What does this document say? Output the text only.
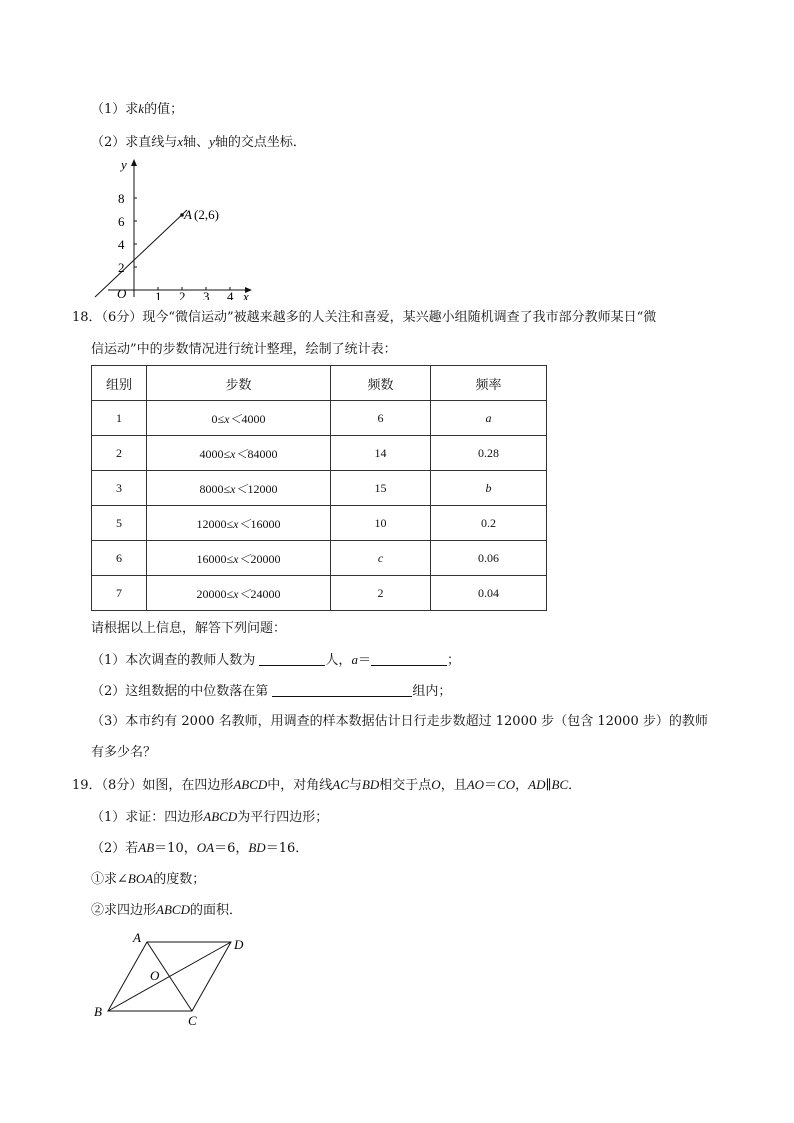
（1）求k的值；
（2）求直线与x轴、y轴的交点坐标．
y
x
O
2
4
6
8
1 2 3 4
A (2,6)
18．（6分）现今“微信运动”被越来越多的人关注和喜爱，某兴趣小组随机调查了我市部分教师某日“微
信运动”中的步数情况进行统计整理，绘制了统计表：
组别	步数	频数	频率
1	0≤x＜4000	6	a
2	4000≤x＜84000	14	0.28
3	8000≤x＜12000	15	b
5	12000≤x＜16000	10	0.2
6	16000≤x＜20000	c	0.06
7	20000≤x＜24000	2	0.04
请根据以上信息，解答下列问题：
（1）本次调查的教师人数为	人，a＝	；
（2）这组数据的中位数落在第	组内；
（3）本市约有 2000 名教师，用调查的样本数据估计日行走步数超过 12000 步（包含 12000 步）的教师
有多少名？
19．（8分）如图，在四边形ABCD中，对角线AC与BD相交于点O，且AO＝CO，AD∥BC．
（1）求证：四边形ABCD为平行四边形；
（2）若AB＝10，OA＝6，BD＝16．
①求∠BOA的度数；
②求四边形ABCD的面积．
A	D
B
C
O
